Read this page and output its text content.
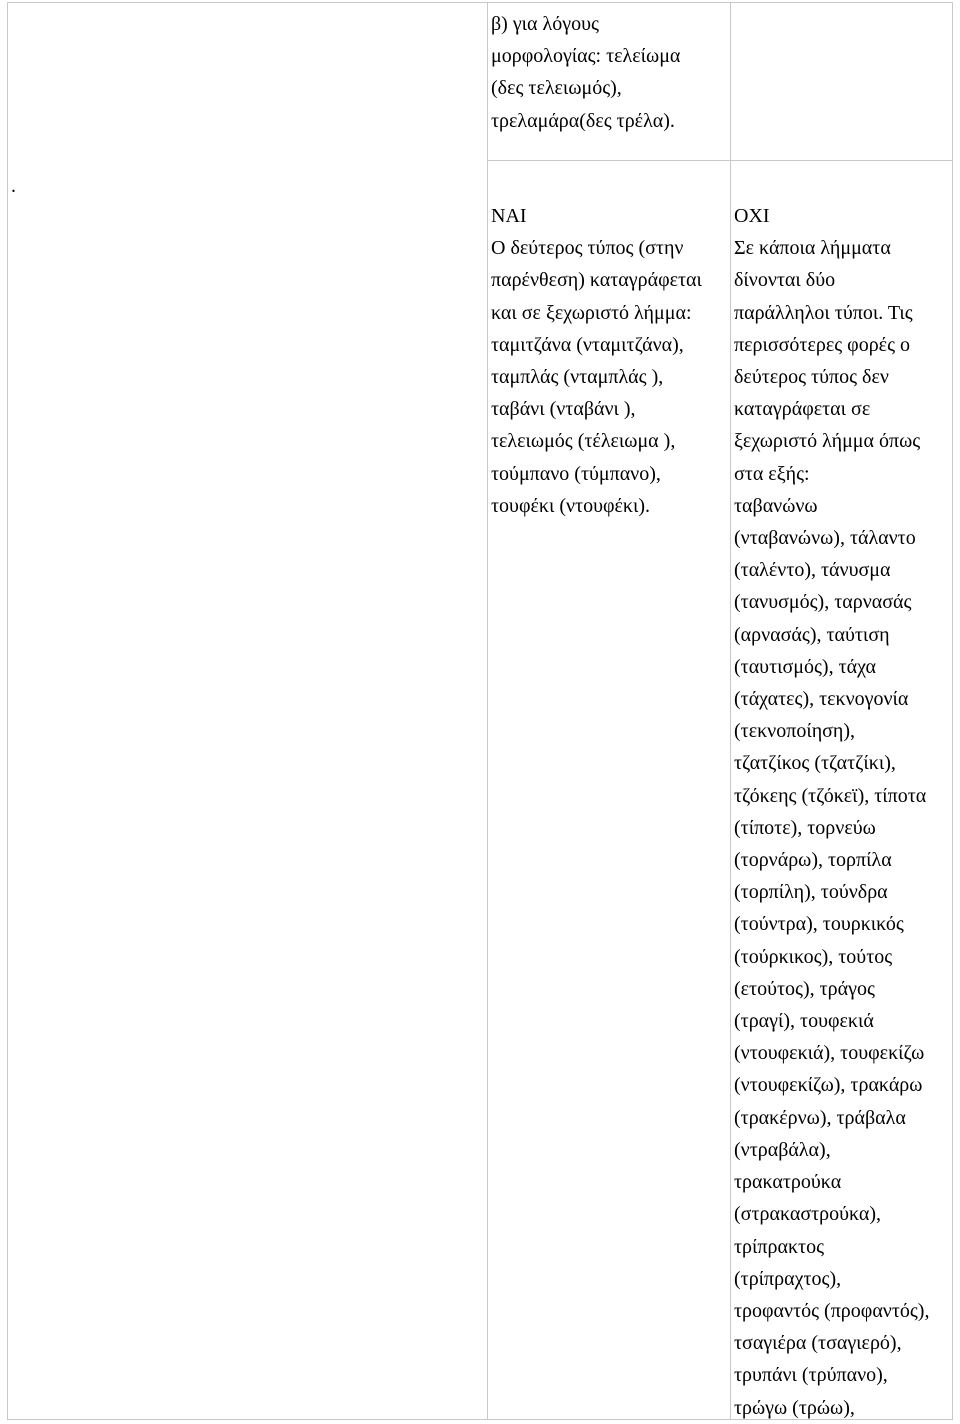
β) για λόγους
μορφολογίας: τελείωμα
(δες τελειωμός),
τρελαμάρα(δες τρέλα).
.
ΝΑΙ
Ο δεύτερος τύπος (στην
παρένθεση) καταγράφεται
και σε ξεχωριστό λήμμα:
ταμιτζάνα (νταμιτζάνα),
ταμπλάς (νταμπλάς ),
ταβάνι (νταβάνι ),
τελειωμός (τέλειωμα ),
τούμπανο (τύμπανο),
τουφέκι (ντουφέκι).
ΟΧΙ
Σε κάποια λήμματα
δίνονται δύο
παράλληλοι τύποι. Τις
περισσότερες φορές ο
δεύτερος τύπος δεν
καταγράφεται σε
ξεχωριστό λήμμα όπως
στα εξής:
ταβανώνω
(νταβανώνω), τάλαντο
(ταλέντο), τάνυσμα
(τανυσμός), ταρνασάς
(αρνασάς), ταύτιση
(ταυτισμός), τάχα
(τάχατες), τεκνογονία
(τεκνοποίηση),
τζατζίκος (τζατζίκι),
τζόκεης (τζόκεϊ), τίποτα
(τίποτε), τορνεύω
(τορνάρω), τορπίλα
(τορπίλη), τούνδρα
(τούντρα), τουρκικός
(τούρκικος), τούτος
(ετούτος), τράγος
(τραγί), τουφεκιά
(ντουφεκιά), τουφεκίζω
(ντουφεκίζω), τρακάρω
(τρακέρνω), τράβαλα
(ντραβάλα),
τρακατρούκα
(στρακαστρούκα),
τρίπρακτος
(τρίπραχτος),
τροφαντός (προφαντός),
τσαγιέρα (τσαγιερό),
τρυπάνι (τρύπανο),
τρώγω (τρώω),
